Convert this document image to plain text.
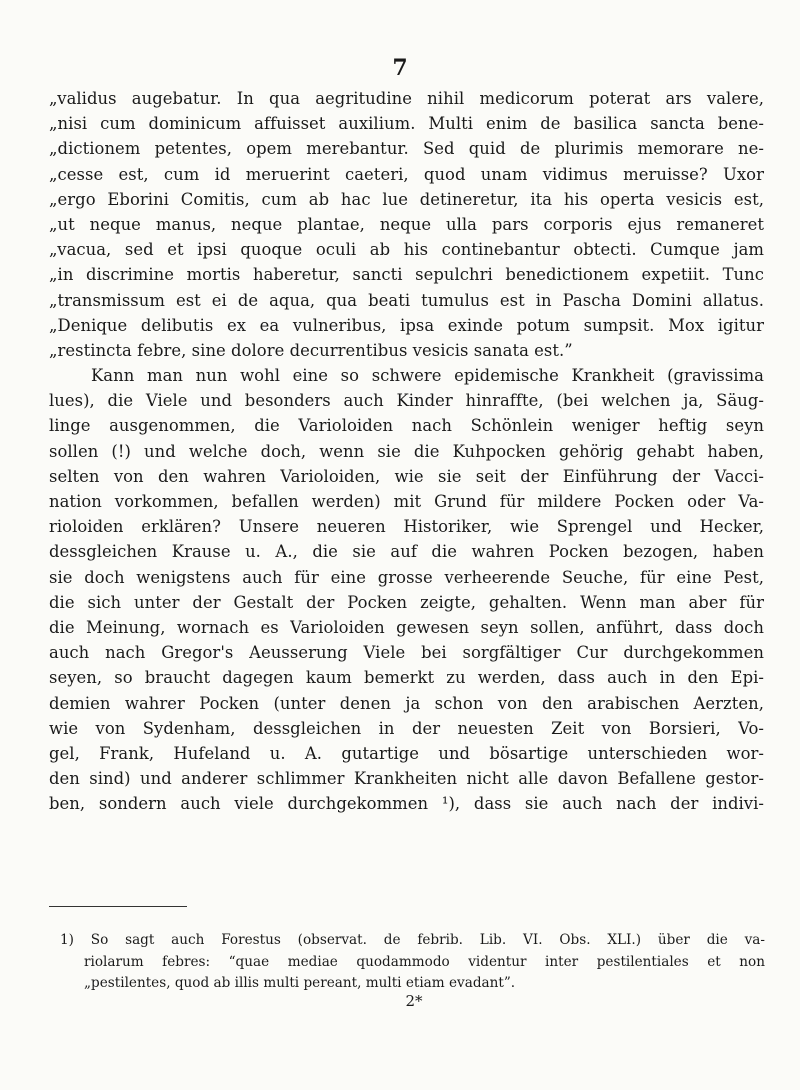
7
„validus augebatur. In qua aegritudine nihil medicorum poterat ars valere,
„nisi cum dominicum affuisset auxilium. Multi enim de basilica sancta bene-
„dictionem petentes, opem merebantur. Sed quid de plurimis memorare ne-
„cesse est, cum id meruerint caeteri, quod unam vidimus meruisse? Uxor
„ergo Eborini Comitis, cum ab hac lue detineretur, ita his operta vesicis est,
„ut neque manus, neque plantae, neque ulla pars corporis ejus remaneret
„vacua, sed et ipsi quoque oculi ab his continebantur obtecti. Cumque jam
„in discrimine mortis haberetur, sancti sepulchri benedictionem expetiit. Tunc
„transmissum est ei de aqua, qua beati tumulus est in Pascha Domini allatus.
„Denique delibutis ex ea vulneribus, ipsa exinde potum sumpsit. Mox igitur
„restincta febre, sine dolore decurrentibus vesicis sanata est.”
Kann man nun wohl eine so schwere epidemische Krankheit (gravissima
lues), die Viele und besonders auch Kinder hinraffte, (bei welchen ja, Säug-
linge ausgenommen, die Varioloiden nach Schönlein weniger heftig seyn
sollen (!) und welche doch, wenn sie die Kuhpocken gehörig gehabt haben,
selten von den wahren Varioloiden, wie sie seit der Einführung der Vacci-
nation vorkommen, befallen werden) mit Grund für mildere Pocken oder Va-
rioloiden erklären? Unsere neueren Historiker, wie Sprengel und Hecker,
dessgleichen Krause u. A., die sie auf die wahren Pocken bezogen, haben
sie doch wenigstens auch für eine grosse verheerende Seuche, für eine Pest,
die sich unter der Gestalt der Pocken zeigte, gehalten. Wenn man aber für
die Meinung, wornach es Varioloiden gewesen seyn sollen, anführt, dass doch
auch nach Gregor's Aeusserung Viele bei sorgfältiger Cur durchgekommen
seyen, so braucht dagegen kaum bemerkt zu werden, dass auch in den Epi-
demien wahrer Pocken (unter denen ja schon von den arabischen Aerzten,
wie von Sydenham, dessgleichen in der neuesten Zeit von Borsieri, Vo-
gel, Frank, Hufeland u. A. gutartige und bösartige unterschieden wor-
den sind) und anderer schlimmer Krankheiten nicht alle davon Befallene gestor-
ben, sondern auch viele durchgekommen ¹), dass sie auch nach der indivi-
1) So sagt auch Forestus (observat. de febrib. Lib. VI. Obs. XLI.) über die va-
riolarum febres: “quae mediae quodammodo videntur inter pestilentiales et non
„pestilentes, quod ab illis multi pereant, multi etiam evadant”.
2*
